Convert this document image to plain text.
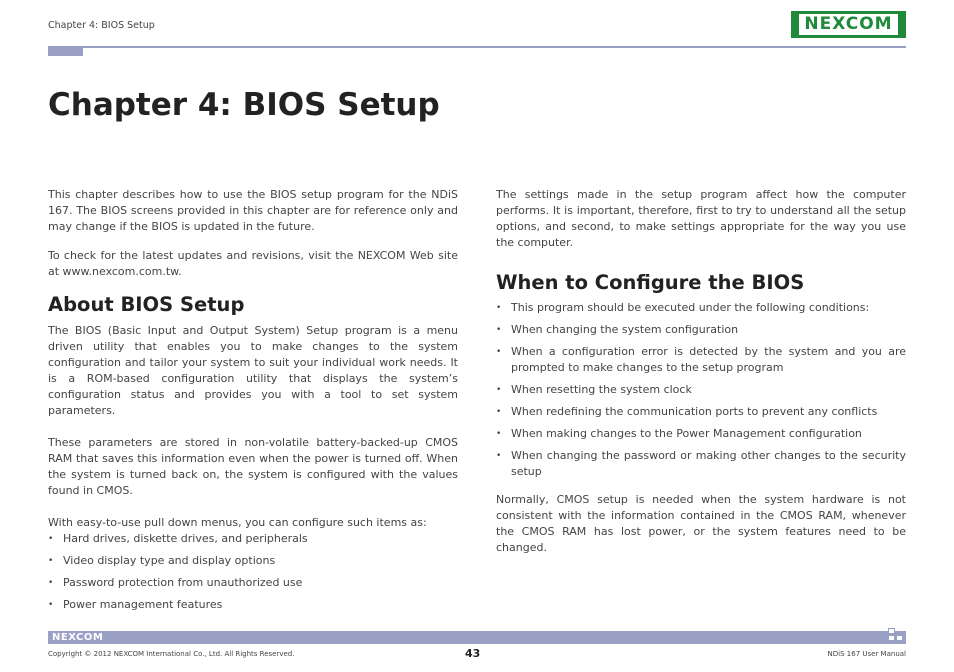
Chapter 4: BIOS Setup	NEXCOM
Chapter 4: BIOS Setup

This chapter describes how to use the BIOS setup program for the NDiS 167. The BIOS screens provided in this chapter are for reference only and may change if the BIOS is updated in the future.

To check for the latest updates and revisions, visit the NEXCOM Web site at www.nexcom.com.tw.

About BIOS Setup

The BIOS (Basic Input and Output System) Setup program is a menu driven utility that enables you to make changes to the system configuration and tailor your system to suit your individual work needs. It is a ROM-based configuration utility that displays the system’s configuration status and provides you with a tool to set system parameters.

These parameters are stored in non-volatile battery-backed-up CMOS RAM that saves this information even when the power is turned off. When the system is turned back on, the system is configured with the values found in CMOS.

With easy-to-use pull down menus, you can configure such items as:

• Hard drives, diskette drives, and peripherals
• Video display type and display options
• Password protection from unauthorized use
• Power management features

The settings made in the setup program affect how the computer performs. It is important, therefore, first to try to understand all the setup options, and second, to make settings appropriate for the way you use the computer.

When to Configure the BIOS
• This program should be executed under the following conditions:
• When changing the system configuration
• When a configuration error is detected by the system and you are prompted to make changes to the setup program
• When resetting the system clock
• When redefining the communication ports to prevent any conflicts
• When making changes to the Power Management configuration
• When changing the password or making other changes to the security setup

Normally, CMOS setup is needed when the system hardware is not consistent with the information contained in the CMOS RAM, whenever the CMOS RAM has lost power, or the system features need to be changed.

NEXCOM
Copyright © 2012 NEXCOM International Co., Ltd. All Rights Reserved.	43	NDiS 167 User Manual
